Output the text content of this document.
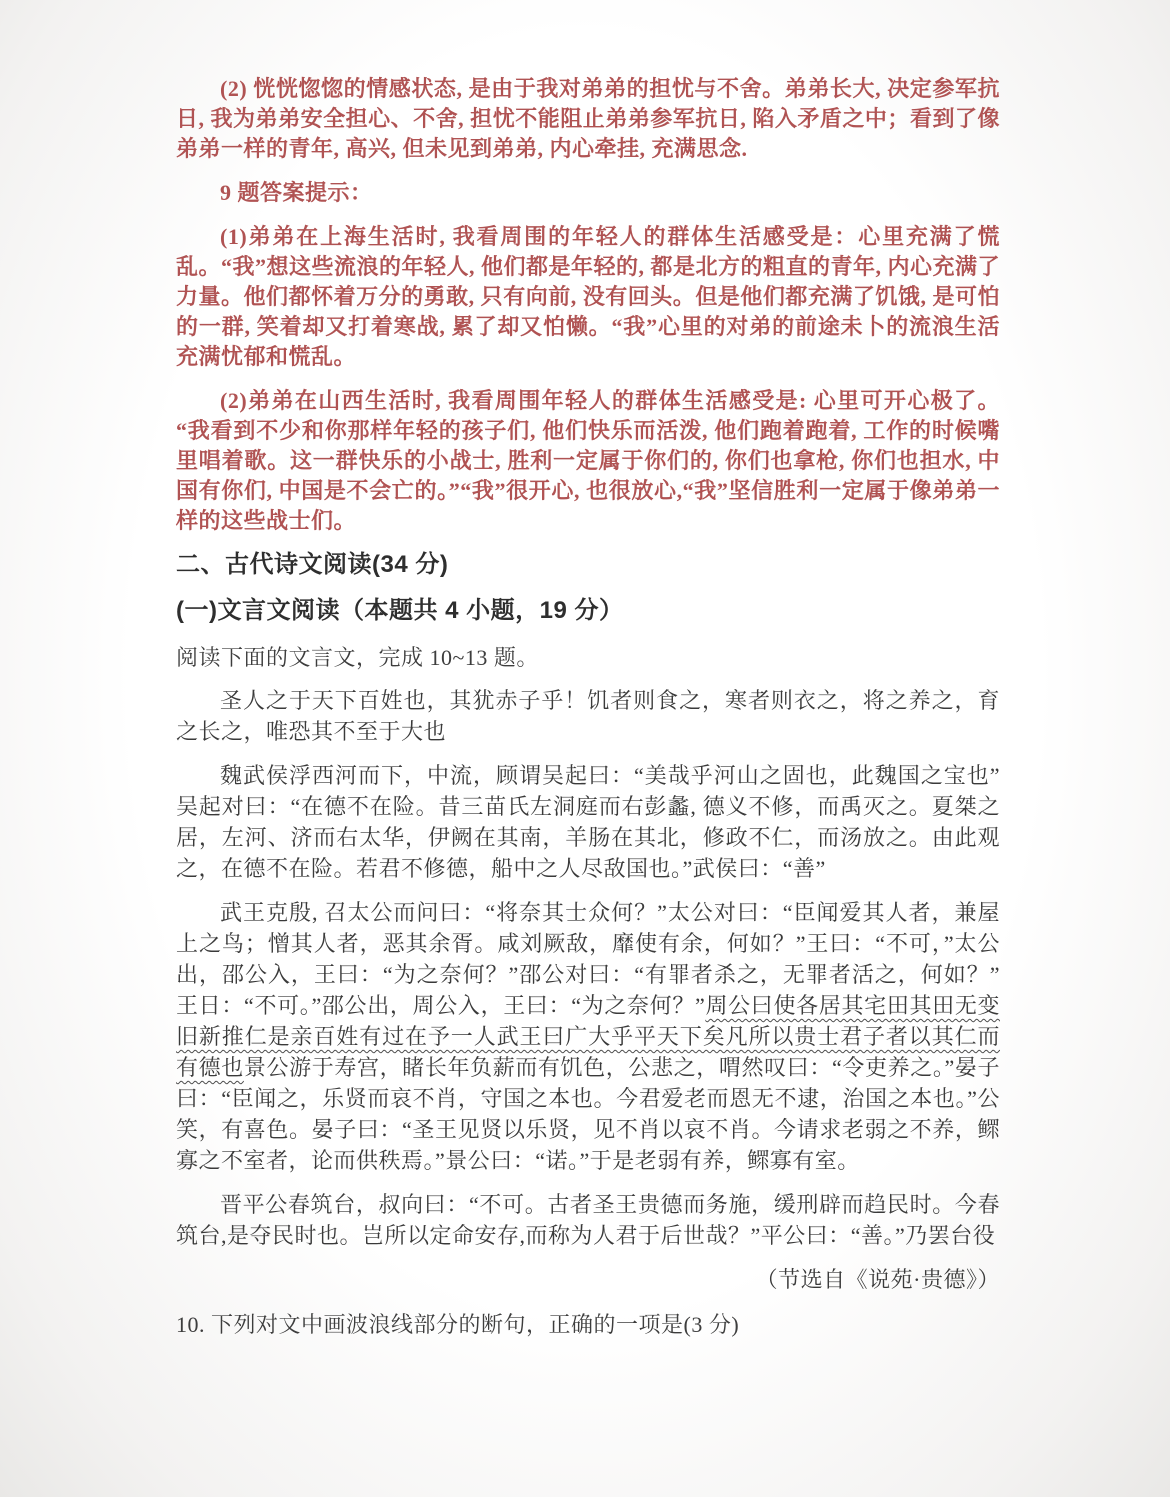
(2) 恍恍惚惚的情感状态, 是由于我对弟弟的担忧与不舍。弟弟长大, 决定参军抗日, 我为弟弟安全担心、不舍, 担忧不能阻止弟弟参军抗日, 陷入矛盾之中；看到了像弟弟一样的青年, 高兴, 但未见到弟弟, 内心牵挂, 充满思念.

9 题答案提示：

(1)弟弟在上海生活时, 我看周围的年轻人的群体生活感受是：心里充满了慌乱。“我”想这些流浪的年轻人, 他们都是年轻的, 都是北方的粗直的青年, 内心充满了力量。他们都怀着万分的勇敢, 只有向前, 没有回头。但是他们都充满了饥饿, 是可怕的一群, 笑着却又打着寒战, 累了却又怕懒。“我”心里的对弟的前途未卜的流浪生活充满忧郁和慌乱。

(2)弟弟在山西生活时, 我看周围年轻人的群体生活感受是: 心里可开心极了。“我看到不少和你那样年轻的孩子们, 他们快乐而活泼, 他们跑着跑着, 工作的时候嘴里唱着歌。这一群快乐的小战士, 胜利一定属于你们的, 你们也拿枪, 你们也担水, 中国有你们, 中国是不会亡的。”“我”很开心, 也很放心,“我”坚信胜利一定属于像弟弟一样的这些战士们。

二、古代诗文阅读(34 分)
(一)文言文阅读（本题共 4 小题，19 分）

阅读下面的文言文，完成 10~13 题。

圣人之于天下百姓也，其犹赤子乎！饥者则食之，寒者则衣之，将之养之，育之长之，唯恐其不至于大也

魏武侯浮西河而下，中流，顾谓吴起曰：“美哉乎河山之固也，此魏国之宝也”吴起对曰：“在德不在险。昔三苗氏左洞庭而右彭蠡, 德义不修，而禹灭之。夏桀之居，左河、济而右太华，伊阙在其南，羊肠在其北，修政不仁，而汤放之。由此观之，在德不在险。若君不修德，船中之人尽敌国也。”武侯曰：“善”

武王克殷, 召太公而问曰：“将奈其士众何？”太公对曰：“臣闻爱其人者，兼屋上之鸟；憎其人者，恶其余胥。咸刘厥敌，靡使有余，何如？”王曰：“不可，”太公出，邵公入，王曰：“为之奈何？”邵公对曰：“有罪者杀之，无罪者活之，何如？”王日：“不可。”邵公出，周公入，王曰：“为之奈何？”周公曰使各居其宅田其田无变旧新推仁是亲百姓有过在予一人武王曰广大乎平天下矣凡所以贵士君子者以其仁而有德也景公游于寿宫，睹长年负薪而有饥色，公悲之，喟然叹曰：“令吏养之。”晏子曰：“臣闻之，乐贤而哀不肖，守国之本也。今君爱老而恩无不逮，治国之本也。”公笑，有喜色。晏子曰：“圣王见贤以乐贤，见不肖以哀不肖。今请求老弱之不养，鳏寡之不室者，论而供秩焉。”景公曰：“诺。”于是老弱有养，鳏寡有室。

晋平公春筑台，叔向曰：“不可。古者圣王贵德而务施，缓刑辟而趋民时。今春筑台,是夺民时也。岂所以定命安存,而称为人君于后世哉？”平公曰：“善。”乃罢台役

（节选自《说苑·贵德》）

10. 下列对文中画波浪线部分的断句，正确的一项是(3 分)
